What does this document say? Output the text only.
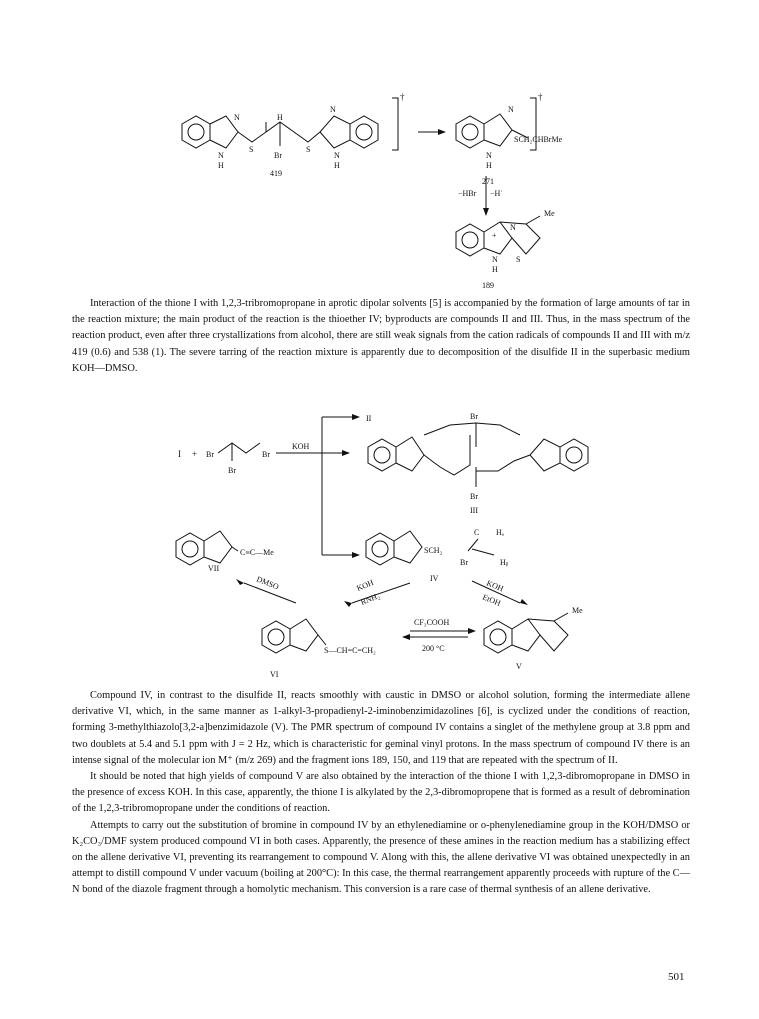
†	†
N
N
H
S
H
Br
S
N
N
H
419
N
N
H
SCH₂CHBrMe
271
−HBr −H˙
Me
N
+
N
H
S
189

Interaction of the thione I with 1,2,3-tribromopropane in aprotic dipolar solvents [5] is accompanied by the formation of large amounts of tar in the reaction mixture; the main product of the reaction is the thioether IV; byproducts are compounds II and III. Thus, in the mass spectrum of the reaction product, even after three crystallizations from alcohol, there are still weak signals from the cation radicals of compounds II and III with m/z 419 (0.6) and 538 (1). The severe tarring of the reaction mixture is apparently due to decomposition of the disulfide II in the superbasic medium KOH—DMSO.

I + Br
Br
Br
KOH
II	Br
Br
III
VII
C≡C—Me	SCH₂
C Hₐ
Br	Hᵦ
IV
DMSO	KOH
RNH₂
KOH
EtOH
CF₃COOH
200 °C
S—CH=C=CH₂
VI
Me
V

Compound IV, in contrast to the disulfide II, reacts smoothly with caustic in DMSO or alcohol solution, forming the intermediate allene derivative VI, which, in the same manner as 1-alkyl-3-propadienyl-2-iminobenzimidazolines [6], is cyclized under the conditions of reaction, forming 3-methylthiazolo[3,2-a]benzimidazole (V). The PMR spectrum of compound IV contains a singlet of the methylene group at 3.8 ppm and two doublets at 5.4 and 5.1 ppm with J = 2 Hz, which is characteristic for geminal vinyl protons. In the mass spectrum of compound IV there is an intense signal of the molecular ion M⁺ (m/z 269) and the fragment ions 189, 150, and 119 that are repeated with the spectrum of II.

It should be noted that high yields of compound V are also obtained by the interaction of the thione I with 1,2,3-dibromopropane in DMSO in the presence of excess KOH. In this case, apparently, the thione I is alkylated by the 2,3-dibromopropene that is formed as a result of debromination of the 1,2,3-tribromopropane under the conditions of reaction.

Attempts to carry out the substitution of bromine in compound IV by an ethylenediamine or o-phenylenediamine group in the KOH/DMSO or K₂CO₃/DMF system produced compound VI in both cases. Apparently, the presence of these amines in the reaction medium has a stabilizing effect on the allene derivative VI, preventing its rearrangement to compound V. Along with this, the allene derivative VI was obtained unexpectedly in an attempt to distill compound V under vacuum (boiling at 200°C): In this case, the thermal rearrangement apparently proceeds with rupture of the C—N bond of the diazole fragment through a homolytic mechanism. This conversion is a rare case of thermal synthesis of an allene derivative.

501
